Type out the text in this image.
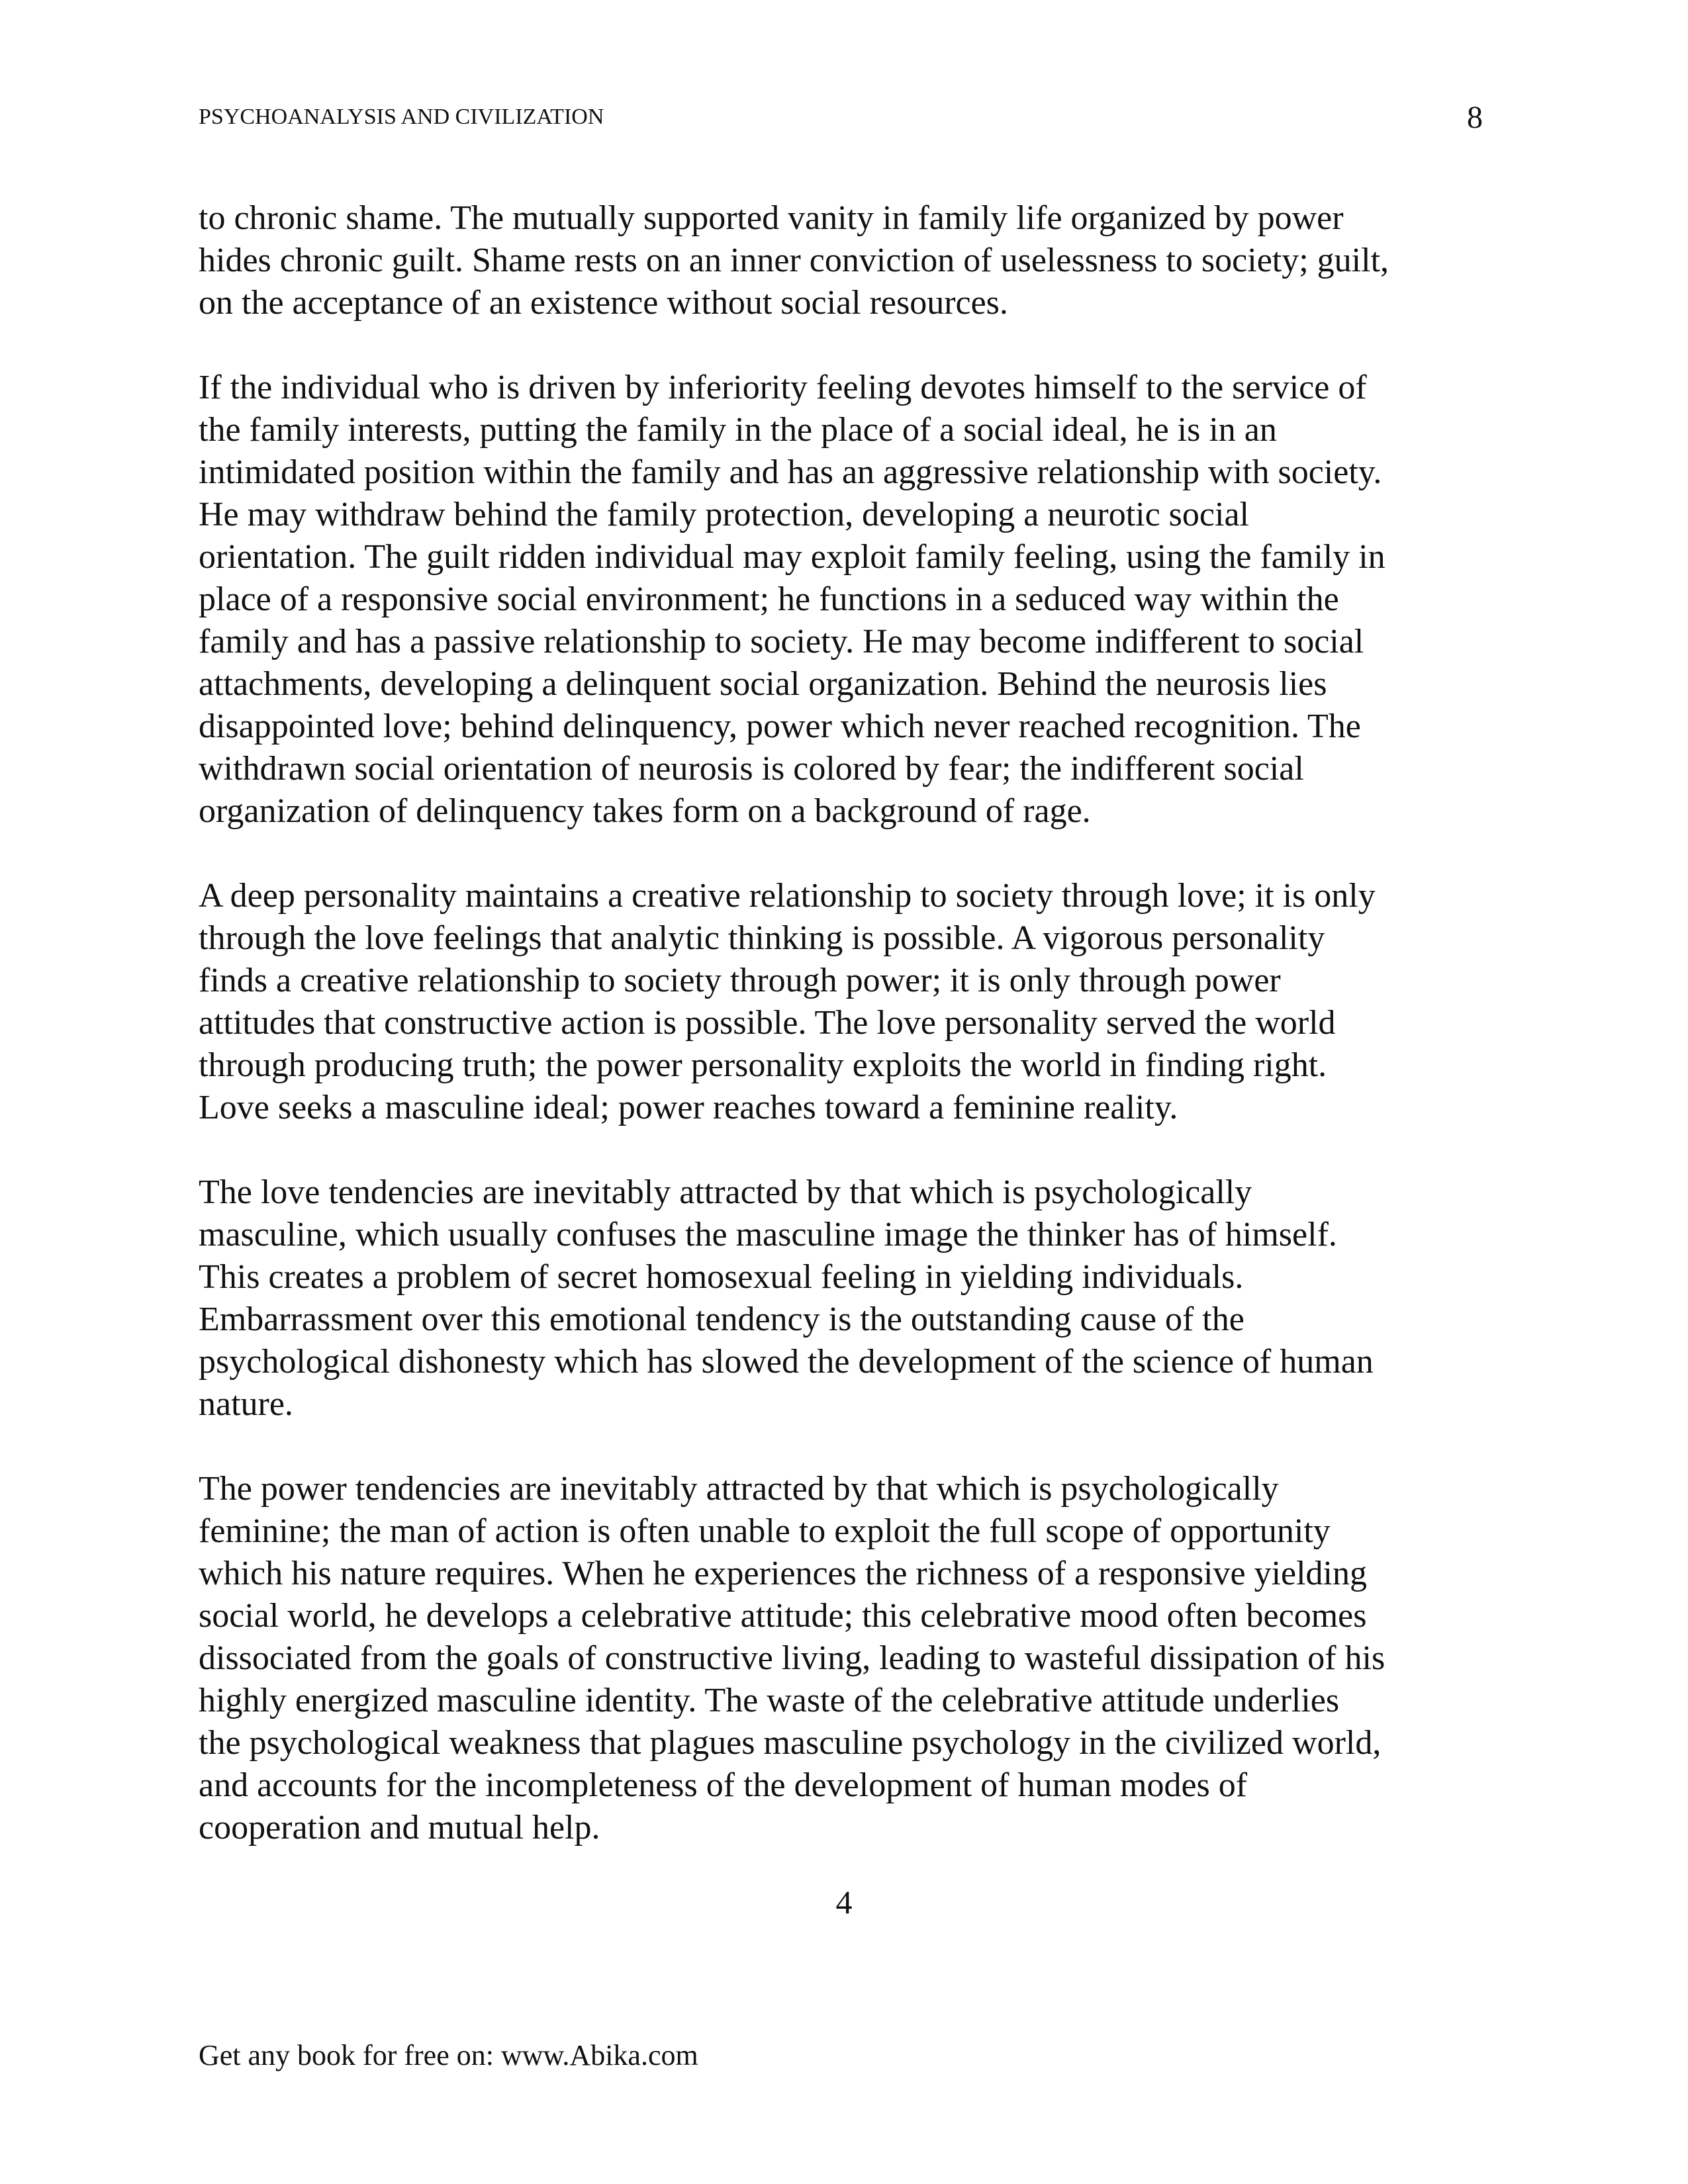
PSYCHOANALYSIS AND CIVILIZATION	8

to chronic shame. The mutually supported vanity in family life organized by power
hides chronic guilt. Shame rests on an inner conviction of uselessness to society; guilt,
on the acceptance of an existence without social resources.

If the individual who is driven by inferiority feeling devotes himself to the service of
the family interests, putting the family in the place of a social ideal, he is in an
intimidated position within the family and has an aggressive relationship with society.
He may withdraw behind the family protection, developing a neurotic social
orientation. The guilt ridden individual may exploit family feeling, using the family in
place of a responsive social environment; he functions in a seduced way within the
family and has a passive relationship to society. He may become indifferent to social
attachments, developing a delinquent social organization. Behind the neurosis lies
disappointed love; behind delinquency, power which never reached recognition. The
withdrawn social orientation of neurosis is colored by fear; the indifferent social
organization of delinquency takes form on a background of rage.

A deep personality maintains a creative relationship to society through love; it is only
through the love feelings that analytic thinking is possible. A vigorous personality
finds a creative relationship to society through power; it is only through power
attitudes that constructive action is possible. The love personality served the world
through producing truth; the power personality exploits the world in finding right.
Love seeks a masculine ideal; power reaches toward a feminine reality.

The love tendencies are inevitably attracted by that which is psychologically
masculine, which usually confuses the masculine image the thinker has of himself.
This creates a problem of secret homosexual feeling in yielding individuals.
Embarrassment over this emotional tendency is the outstanding cause of the
psychological dishonesty which has slowed the development of the science of human
nature.

The power tendencies are inevitably attracted by that which is psychologically
feminine; the man of action is often unable to exploit the full scope of opportunity
which his nature requires. When he experiences the richness of a responsive yielding
social world, he develops a celebrative attitude; this celebrative mood often becomes
dissociated from the goals of constructive living, leading to wasteful dissipation of his
highly energized masculine identity. The waste of the celebrative attitude underlies
the psychological weakness that plagues masculine psychology in the civilized world,
and accounts for the incompleteness of the development of human modes of
cooperation and mutual help.

4
Get any book for free on: www.Abika.com
